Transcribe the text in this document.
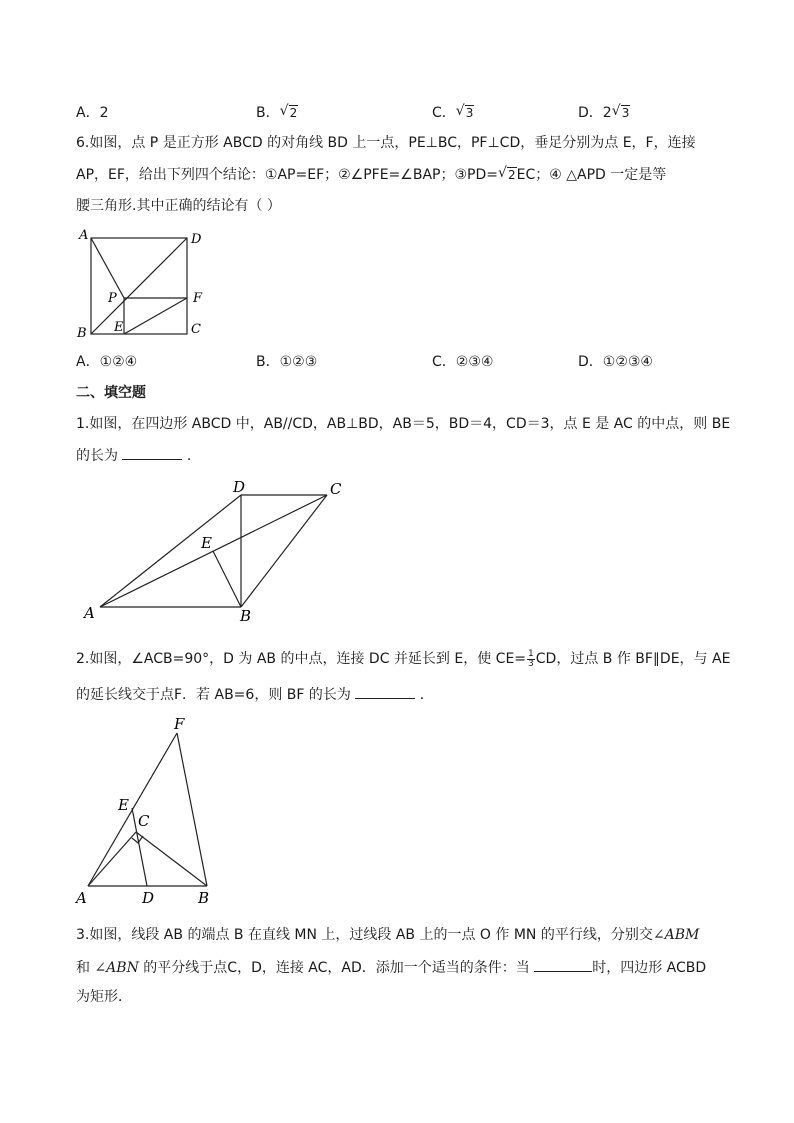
A．2	B． √ 2	C． √ 3	D．2 √ 3
6.如图，点 P 是正方形 ABCD 的对角线 BD 上一点，PE⊥BC，PF⊥CD，垂足分别为点 E，F，连接
AP，EF，给出下列四个结论：①AP=EF；②∠PFE=∠BAP；③PD= √ 2EC；④ △APD 一定是等
腰三角形.其中正确的结论有（ ）
A	D
P	F
B E	C
D	C
E
A	B
F
E
C
A	D	B
A．①②④	B．①②③	C．②③④	D．①②③④
二、填空题
1.如图，在四边形 ABCD 中，AB//CD，AB⊥BD，AB＝5，BD＝4，CD＝3，点 E 是 AC 的中点，则 BE
的长为	.
2.如图，∠ACB=90°，D 为 AB 的中点，连接 DC 并延长到 E，使 $CE= \frac{1}{3}$ CD，过点 B 作 BF∥DE，与 AE
的延长线交于点F．若 AB=6，则 BF 的长为	．
3.如图，线段 AB 的端点 B 在直线 MN 上，过线段 AB 上的一点 O 作 MN 的平行线，分别交∠ABM
和 ∠ABN 的平分线于点C，D，连接 AC，AD．添加一个适当的条件：当	时，四边形 ACBD
为矩形．
